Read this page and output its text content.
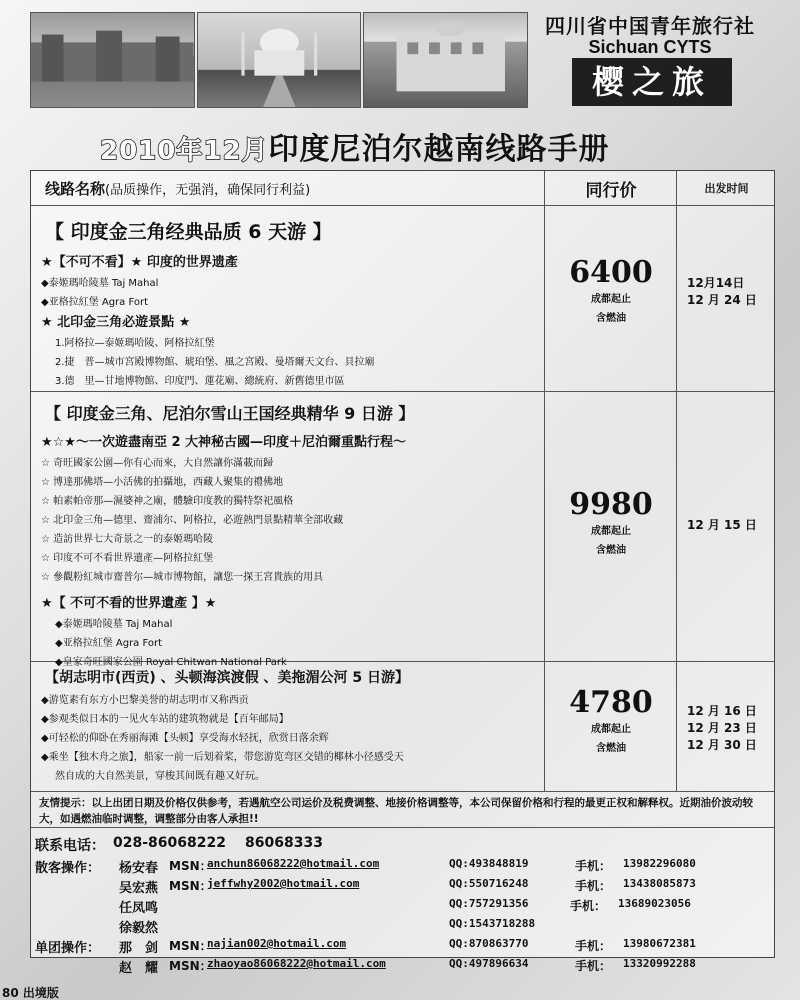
四川省中国青年旅行社
Sichuan CYTS
樱之旅
2010年12月印度尼泊尔越南线路手册
线路名称 (品质操作，无强消，确保同行利益)	同行价	出发时间
【 印度金三角经典品质 6 天游 】
★【不可不看】★ 印度的世界遗產
◆泰姬瑪哈陵墓 Taj Mahal
◆亚格拉紅堡 Agra Fort
★ 北印金三角必遊景點 ★
1.阿格拉—泰姬瑪哈陵、阿格拉紅堡
2.捷　普—城市宮殿博物館、琥珀堡、風之宮殿、曼塔爾天文台、貝拉廟
3.德　里—甘地博物館、印度門、蓮花廟、總統府、新舊德里市區
6400
成都起止
含燃油
12月14日
12 月 24 日
【 印度金三角、尼泊尔雪山王国经典精华 9 日游 】
★☆★～一次遊盡南亞 2 大神秘古國—印度＋尼泊爾重點行程～
☆ 奇旺國家公園—你有心而來，大自然讓你滿載而歸
☆ 博達那佛塔—小活佛的拍攝地，西藏人聚集的禮佛地
☆ 帕素帕帝那—濕婆神之廟，體驗印度教的獨特祭祀風格
☆ 北印金三角—德里、齋浦尔、阿格拉，必遊熱門景點精華全部收藏
☆ 造訪世界七大奇景之一的泰姬瑪哈陵
☆ 印度不可不看世界遺產—阿格拉紅堡
☆ 參觀粉紅城市齋普尔—城市博物館，讓您一探王宮貴族的用具
★【 不可不看的世界遺產 】★
◆泰姬瑪哈陵墓 Taj Mahal
◆亚格拉紅堡 Agra Fort
◆皇家奇旺國家公園 Royal Chitwan National Park
9980
成都起止
含燃油
12 月 15 日
【胡志明市(西贡) 、头顿海滨渡假 、美拖湄公河 5 日游】
◆游览素有东方小巴黎美誉的胡志明市又称西贡
◆参观类似日本的一见火车站的建筑物就是【百年邮局】
◆可轻松的仰卧在秀丽海滩【头顿】享受海水轻抚，欣赏日落余辉
◆乘坐【独木舟之旅】，船家一前一后划着桨，带您游览弯区交错的椰林小径感受天
然自成的大自然美景，穿梭其间既有趣又好玩。
4780
成都起止
含燃油
12 月 16 日
12 月 23 日
12 月 30 日
友情提示：以上出团日期及价格仅供参考，若遇航空公司运价及税费调整、地接价格调整等，本公司保留价格和行程的最更正权和解释权。近期油价波动较大，如遇燃油临时调整，调整部分由客人承担!!
联系电话： 028-86068222 86068333
散客操作： 杨安春 MSN：
anchun86068222@hotmail.com	QQ:493848819	手机： 13982296080
吴宏燕 MSN：
jeffwhy2002@hotmail.com	QQ:550716248	手机： 13438085873
任凤鸣	QQ:757291356	手机： 13689023056
徐毅然	QQ:1543718288
单团操作： 那　剑 MSN：
najian002@hotmail.com	QQ:870863770	手机： 13980672381
赵　耀 MSN：
zhaoyao86068222@hotmail.com	QQ:497896634	手机： 13320992288
80 出境版
